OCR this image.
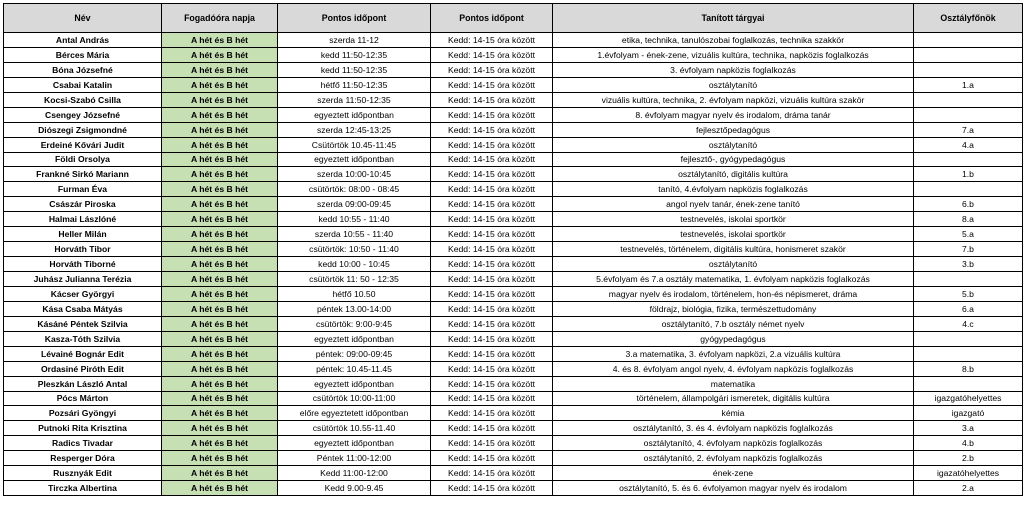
Név	Fogadóóra napja	Pontos időpont	Pontos időpont	Tanított tárgyai	Osztályfőnök
Antal András	A hét és B hét	szerda 11-12	Kedd: 14-15 óra között	etika, technika, tanulószobai foglalkozás, technika szakkör	
Bérces Mária	A hét és B hét	kedd 11:50-12:35	Kedd: 14-15 óra között	1.évfolyam - ének-zene, vizuális kultúra, technika, napközis foglalkozás	
Bóna Józsefné	A hét és B hét	kedd 11:50-12:35	Kedd: 14-15 óra között	3. évfolyam napközis foglalkozás	
Csabai Katalin	A hét és B hét	hétfő 11:50-12:35	Kedd: 14-15 óra között	osztálytanító	1.a
Kocsi-Szabó Csilla	A hét és B hét	szerda 11:50-12:35	Kedd: 14-15 óra között	vizuális kultúra, technika, 2. évfolyam napközi, vizuális kultúra szakör	
Csengey Józsefné	A hét és B hét	egyeztett időpontban	Kedd: 14-15 óra között	8. évfolyam magyar nyelv és irodalom, dráma tanár	
Diószegi Zsigmondné	A hét és B hét	szerda 12:45-13:25	Kedd: 14-15 óra között	fejlesztőpedagógus	7.a
Erdeiné Kővári Judit	A hét és B hét	Csütörtök 10.45-11:45	Kedd: 14-15 óra között	osztálytanító	4.a
Földi Orsolya	A hét és B hét	egyeztett időpontban	Kedd: 14-15 óra között	fejlesztő-, gyógypedagógus	
Frankné Sirkó Mariann	A hét és B hét	szerda 10:00-10:45	Kedd: 14-15 óra között	osztálytanító, digitális kultúra	1.b
Furman Éva	A hét és B hét	csütörtök: 08:00 - 08:45	Kedd: 14-15 óra között	tanító, 4.évfolyam napközis foglalkozás	
Császár Piroska	A hét és B hét	szerda 09:00-09:45	Kedd: 14-15 óra között	angol nyelv tanár, ének-zene tanító	6.b
Halmai Lászlóné	A hét és B hét	kedd 10:55 - 11:40	Kedd: 14-15 óra között	testnevelés, iskolai sportkör	8.a
Heller Milán	A hét és B hét	szerda 10:55 - 11:40	Kedd: 14-15 óra között	testnevelés, iskolai sportkör	5.a
Horváth Tibor	A hét és B hét	csütörtök: 10:50 - 11:40	Kedd: 14-15 óra között	testnevelés, történelem, digitális kultúra, honismeret szakör	7.b
Horváth Tiborné	A hét és B hét	kedd 10:00 - 10:45	Kedd: 14-15 óra között	osztálytanító	3.b
Juhász Julianna Terézia	A hét és B hét	csütörtök 11: 50 - 12:35	Kedd: 14-15 óra között	5.évfolyam és 7.a osztály matematika, 1. évfolyam napközis foglalkozás	
Kácser Györgyi	A hét és B hét	hétfő 10.50	Kedd: 14-15 óra között	magyar nyelv és irodalom, történelem, hon-és népismeret, dráma	5.b
Kása Csaba Mátyás	A hét és B hét	péntek 13.00-14:00	Kedd: 14-15 óra között	földrajz, biológia, fizika, természettudomány	6.a
Kásáné Péntek Szilvia	A hét és B hét	csütörtök: 9:00-9:45	Kedd: 14-15 óra között	osztálytanító, 7.b osztály német nyelv	4.c
Kasza-Tóth Szilvia	A hét és B hét	egyeztett időpontban	Kedd: 14-15 óra között	gyógypedagógus	
Lévainé Bognár Edit	A hét és B hét	péntek: 09:00-09:45	Kedd: 14-15 óra között	3.a matematika, 3. évfolyam napközi, 2.a vizuális kultúra	
Ordasiné Piróth Edit	A hét és B hét	péntek: 10.45-11.45	Kedd: 14-15 óra között	4. és 8. évfolyam angol nyelv, 4. évfolyam napközis foglalkozás	8.b
Pleszkán László Antal	A hét és B hét	egyeztett időpontban	Kedd: 14-15 óra között	matematika	
Pócs Márton	A hét és B hét	csütörtök 10:00-11:00	Kedd: 14-15 óra között	történelem, állampolgári ismeretek, digitális kultúra	igazgatóhelyettes
Pozsári Gyöngyi	A hét és B hét	előre egyeztetett időpontban	Kedd: 14-15 óra között	kémia	igazgató
Putnoki Rita Krisztina	A hét és B hét	csütörtök 10.55-11.40	Kedd: 14-15 óra között	osztálytanító, 3. és 4. évfolyam napközis foglalkozás	3.a
Radics Tivadar	A hét és B hét	egyeztett időpontban	Kedd: 14-15 óra között	osztálytanító, 4. évfolyam napközis foglalkozás	4.b
Resperger Dóra	A hét és B hét	Péntek 11:00-12:00	Kedd: 14-15 óra között	osztálytanító, 2. évfolyam napközis foglalkozás	2.b
Rusznyák Edit	A hét és B hét	Kedd 11:00-12:00	Kedd: 14-15 óra között	ének-zene	igazatóhelyettes
Tirczka Albertina	A hét és B hét	Kedd 9.00-9.45	Kedd: 14-15 óra között	osztálytanító, 5. és 6. évfolyamon magyar nyelv és irodalom	2.a
